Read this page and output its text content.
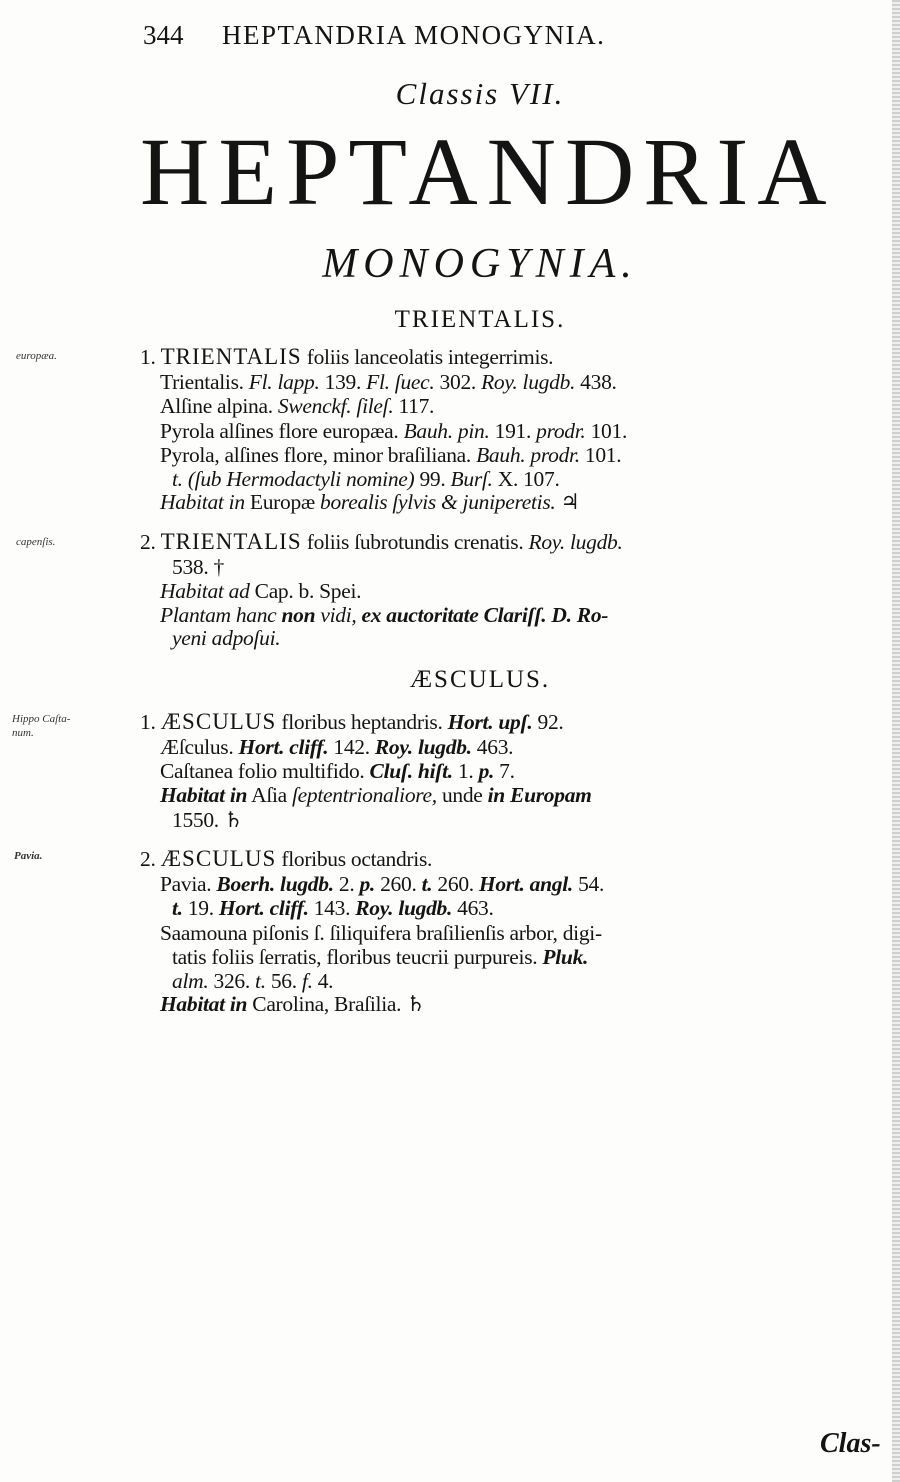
344 HEPTANDRIA MONOGYNIA.
Classis VII.
HEPTANDRIA
MONOGYNIA.
TRIENTALIS.
ÆSCULUS.
europæa.
capenſis.
Hippo Caſta- num.
Pavia.
1. TRIENTALIS foliis lanceolatis integerrimis.
Trientalis. Fl. lapp. 139. Fl. ſuec. 302. Roy. lugdb. 438.
Alſine alpina. Swenckf. ſileſ. 117.
Pyrola alſines flore europæa. Bauh. pin. 191. prodr. 101.
Pyrola, alſines flore, minor braſiliana. Bauh. prodr. 101.
t. (ſub Hermodactyli nomine) 99. Burſ. X. 107.
Habitat in Europæ borealis ſylvis & juniperetis. ♃
2. TRIENTALIS foliis ſubrotundis crenatis. Roy. lugdb.
538. †
Habitat ad Cap. b. Spei.
Plantam hanc non vidi, ex auctoritate Clariſſ. D. Ro-
yeni adpoſui.
1. ÆSCULUS floribus heptandris. Hort. upſ. 92.
Æſculus. Hort. cliff. 142. Roy. lugdb. 463.
Caſtanea folio multifido. Cluſ. hiſt. 1. p. 7.
Habitat in Aſia ſeptentrionaliore, unde in Europam
1550. ♄
2. ÆSCULUS floribus octandris.
Pavia. Boerh. lugdb. 2. p. 260. t. 260. Hort. angl. 54.
t. 19. Hort. cliff. 143. Roy. lugdb. 463.
Saamouna piſonis ſ. ſiliquifera braſilienſis arbor, digi-
tatis foliis ſerratis, floribus teucrii purpureis. Pluk.
alm. 326. t. 56. f. 4.
Habitat in Carolina, Braſilia. ♄
Clas-
